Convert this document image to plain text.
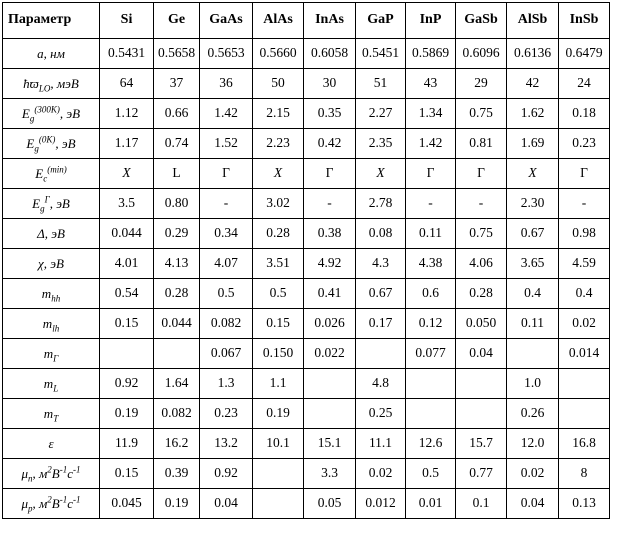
Параметр	Si	Ge	GaAs	AlAs	InAs	GaP	InP	GaSb	AlSb	InSb
a, нм	0.5431	0.5658	0.5653	0.5660	0.6058	0.5451	0.5869	0.6096	0.6136	0.6479
$ħϖ_{LO}$, мэВ	64	37	36	50	30	51	43	29	42	24
$E_g^{(300K)}$, эВ	1.12	0.66	1.42	2.15	0.35	2.27	1.34	0.75	1.62	0.18
$E_g^{(0K)}$, эВ	1.17	0.74	1.52	2.23	0.42	2.35	1.42	0.81	1.69	0.23
$E_c^{(min)}$	X	L	Γ	X	Γ	X	Γ	Γ	X	Γ
$E_g^\Gamma$, эВ	3.5	0.80	-	3.02	-	2.78	-	-	2.30	-
Δ, эВ	0.044	0.29	0.34	0.28	0.38	0.08	0.11	0.75	0.67	0.98
χ, эВ	4.01	4.13	4.07	3.51	4.92	4.3	4.38	4.06	3.65	4.59
$m_{hh}$	0.54	0.28	0.5	0.5	0.41	0.67	0.6	0.28	0.4	0.4
$m_{lh}$	0.15	0.044	0.082	0.15	0.026	0.17	0.12	0.050	0.11	0.02
$m_\Gamma$			0.067	0.150	0.022		0.077	0.04		0.014
$m_L$	0.92	1.64	1.3	1.1		4.8			1.0	
$m_T$	0.19	0.082	0.23	0.19		0.25			0.26	
ε	11.9	16.2	13.2	10.1	15.1	11.1	12.6	15.7	12.0	16.8
$\mu_n$, $м^2В^{-1}с^{-1}$	0.15	0.39	0.92		3.3	0.02	0.5	0.77	0.02	8
$\mu_p$, $м^2В^{-1}с^{-1}$	0.045	0.19	0.04		0.05	0.012	0.01	0.1	0.04	0.13
